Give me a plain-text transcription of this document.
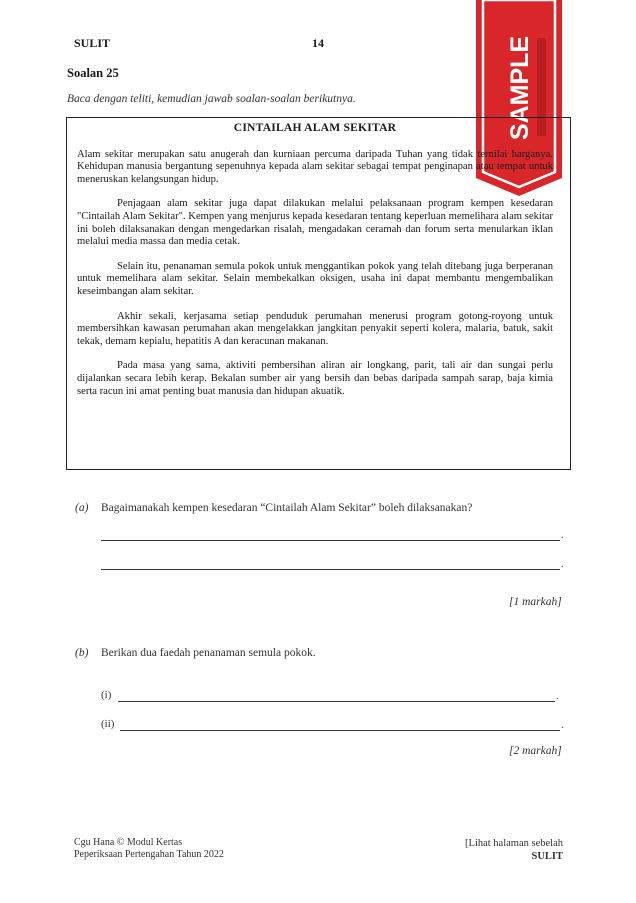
SULIT	14	SAMPLE
Soalan 25
Baca dengan teliti, kemudian jawab soalan-soalan berikutnya.
CINTAILAH ALAM SEKITAR

Alam sekitar merupakan satu anugerah dan kurniaan percuma daripada Tuhan yang tidak ternilai harganya. Kehidupan manusia bergantung sepenuhnya kepada alam sekitar sebagai tempat penginapan atau tempat untuk meneruskan kelangsungan hidup.

Penjagaan alam sekitar juga dapat dilakukan melalui pelaksanaan program kempen kesedaran "Cintailah Alam Sekitar". Kempen yang menjurus kepada kesedaran tentang keperluan memelihara alam sekitar ini boleh dilaksanakan dengan mengedarkan risalah, mengadakan ceramah dan forum serta menularkan iklan melalui media massa dan media cetak.

Selain itu, penanaman semula pokok untuk menggantikan pokok yang telah ditebang juga berperanan untuk memelihara alam sekitar. Selain membekalkan oksigen, usaha ini dapat membantu mengembalikan keseimbangan alam sekitar.

Akhir sekali, kerjasama setiap penduduk perumahan menerusi program gotong-royong untuk membersihkan kawasan perumahan akan mengelakkan jangkitan penyakit seperti kolera, malaria, batuk, sakit tekak, demam kepialu, hepatitis A dan keracunan makanan.

Pada masa yang sama, aktiviti pembersihan aliran air longkang, parit, tali air dan sungai perlu dijalankan secara lebih kerap. Bekalan sumber air yang bersih dan bebas daripada sampah sarap, baja kimia serta racun ini amat penting buat manusia dan hidupan akuatik.

(a) Bagaimanakah kempen kesedaran “Cintailah Alam Sekitar” boleh dilaksanakan?
.
.
[1 markah]
(b) Berikan dua faedah penanaman semula pokok.
(i)	.
(ii)	.
[2 markah]
Cgu Hana © Modul Kertas
Peperiksaan Pertengahan Tahun 2022
[Lihat halaman sebelah
SULIT
